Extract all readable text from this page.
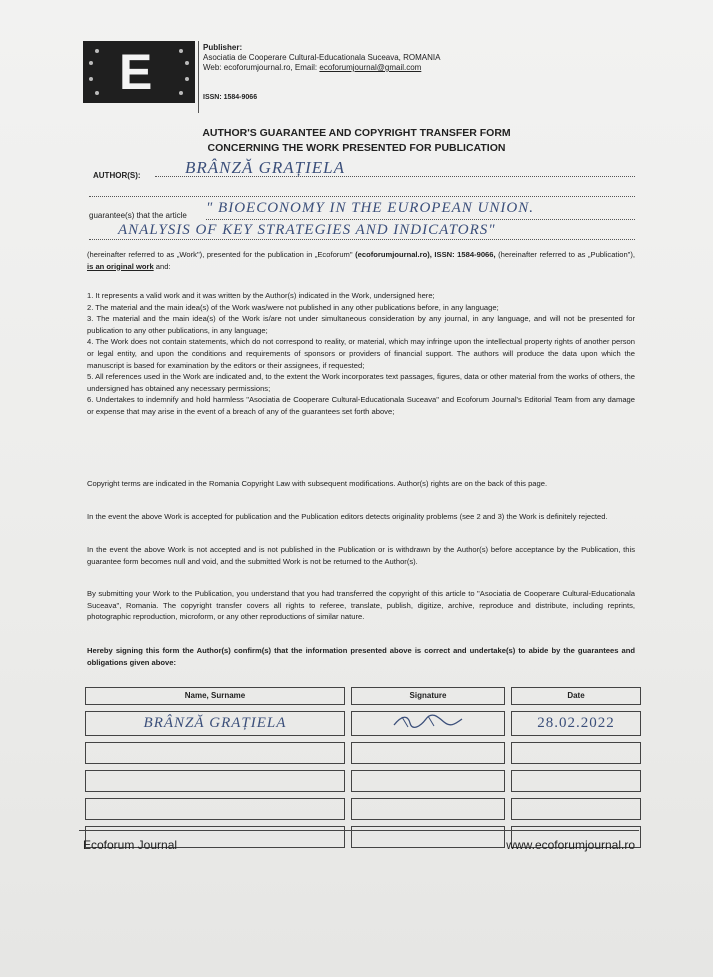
E	Publisher:
Asociatia de Cooperare Cultural-Educationala Suceava, ROMANIA
Web: ecoforumjournal.ro, Email: ecoforumjournal@gmail.com
ISSN: 1584-9066
AUTHOR'S GUARANTEE AND COPYRIGHT TRANSFER FORM
CONCERNING THE WORK PRESENTED FOR PUBLICATION
AUTHOR(S):	BRÂNZĂ GRAȚIELA
guarantee(s) that the article " BIOECONOMY IN THE EUROPEAN UNION.
ANALYSIS OF KEY STRATEGIES AND INDICATORS"
(hereinafter referred to as „Work"), presented for the publication in „Ecoforum" (ecoforumjournal.ro), ISSN: 1584-9066, (hereinafter referred to as „Publication"), is an original work and:
1. It represents a valid work and it was written by the Author(s) indicated in the Work, undersigned here;
2. The material and the main idea(s) of the Work was/were not published in any other publications before, in any language;
3. The material and the main idea(s) of the Work is/are not under simultaneous consideration by any journal, in any language, and will not be presented for publication to any other publications, in any language;
4. The Work does not contain statements, which do not correspond to reality, or material, which may infringe upon the intellectual property rights of another person or legal entity, and upon the conditions and requirements of sponsors or providers of financial support. The authors will produce the data upon which the manuscript is based for examination by the editors or their assignees, if requested;
5. All references used in the Work are indicated and, to the extent the Work incorporates text passages, figures, data or other material from the works of others, the undersigned has obtained any necessary permissions;
6. Undertakes to indemnify and hold harmless "Asociatia de Cooperare Cultural-Educationala Suceava" and Ecoforum Journal's Editorial Team from any damage or expense that may arise in the event of a breach of any of the guarantees set forth above;
Copyright terms are indicated in the Romania Copyright Law with subsequent modifications. Author(s) rights are on the back of this page.
In the event the above Work is accepted for publication and the Publication editors detects originality problems (see 2 and 3) the Work is definitely rejected.
In the event the above Work is not accepted and is not published in the Publication or is withdrawn by the Author(s) before acceptance by the Publication, this guarantee form becomes null and void, and the submitted Work is not be returned to the Author(s).
By submitting your Work to the Publication, you understand that you had transferred the copyright of this article to "Asociatia de Cooperare Cultural-Educationala Suceava", Romania. The copyright transfer covers all rights to referee, translate, publish, digitize, archive, reproduce and distribute, including reprints, photographic reproduction, microform, or any other reproductions of similar nature.
Hereby signing this form the Author(s) confirm(s) that the information presented above is correct and undertake(s) to abide by the guarantees and obligations given above:
Name, Surname	Signature	Date
BRÂNZĂ GRAȚIELA		28.02.2022

Ecoforum Journal	www.ecoforumjournal.ro
